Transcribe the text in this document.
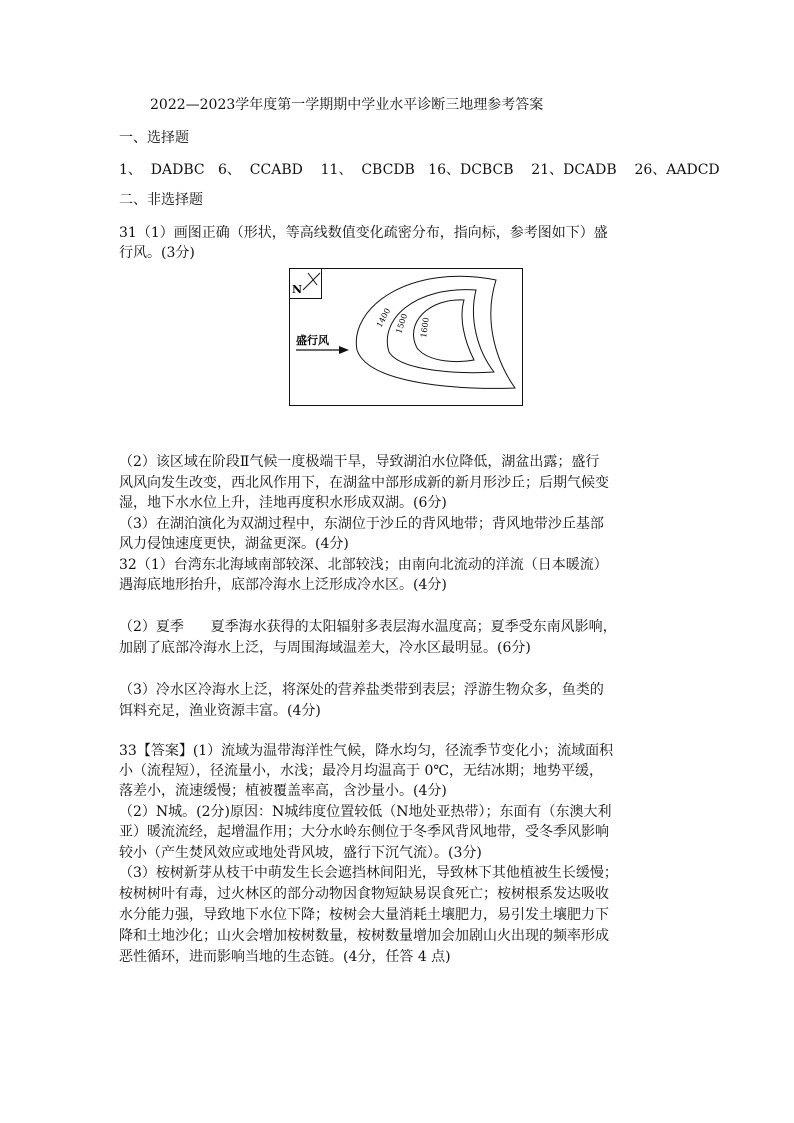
2022—2023学年度第一学期期中学业水平诊断三地理参考答案
一、选择题
1、  DADBC   6、  CCABD    11、  CBCDB   16、DCBCB    21、DCADB    26、AADCD
二、非选择题
31（1）画图正确（形状，等高线数值变化疏密分布，指向标，参考图如下）盛
行风。(3分)
N
盛行风
1400 1500 1600
（2）该区域在阶段Ⅱ气候一度极端干旱，导致湖泊水位降低，湖盆出露；盛行
风风向发生改变，西北风作用下，在湖盆中部形成新的新月形沙丘；后期气候变
湿，地下水水位上升，洼地再度积水形成双湖。(6分)
（3）在湖泊演化为双湖过程中，东湖位于沙丘的背风地带；背风地带沙丘基部
风力侵蚀速度更快，湖盆更深。(4分)
32（1）台湾东北海域南部较深、北部较浅；由南向北流动的洋流（日本暖流）
遇海底地形抬升，底部冷海水上泛形成冷水区。(4分)
（2）夏季      夏季海水获得的太阳辐射多表层海水温度高；夏季受东南风影响，
加剧了底部冷海水上泛，与周围海域温差大，冷水区最明显。(6分)
（3）冷水区冷海水上泛，将深处的营养盐类带到表层；浮游生物众多，鱼类的
饵料充足，渔业资源丰富。(4分)
33【答案】(1）流域为温带海洋性气候，降水均匀，径流季节变化小；流域面积
小（流程短），径流量小，水浅；最冷月均温高于 0℃，无结冰期；地势平缓，
落差小，流速缓慢；植被覆盖率高，含沙量小。(4分)
（2）N城。(2分)原因：N城纬度位置较低（N地处亚热带）；东面有（东澳大利
亚）暖流流经，起增温作用；大分水岭东侧位于冬季风背风地带，受冬季风影响
较小（产生焚风效应或地处背风坡，盛行下沉气流）。(3分)
（3）桉树新芽从枝干中萌发生长会遮挡林间阳光，导致林下其他植被生长缓慢；
桉树树叶有毒，过火林区的部分动物因食物短缺易误食死亡；桉树根系发达吸收
水分能力强，导致地下水位下降；桉树会大量消耗土壤肥力，易引发土壤肥力下
降和土地沙化；山火会增加桉树数量，桉树数量增加会加剧山火出现的频率形成
恶性循环，进而影响当地的生态链。(4分，任答 4 点)
